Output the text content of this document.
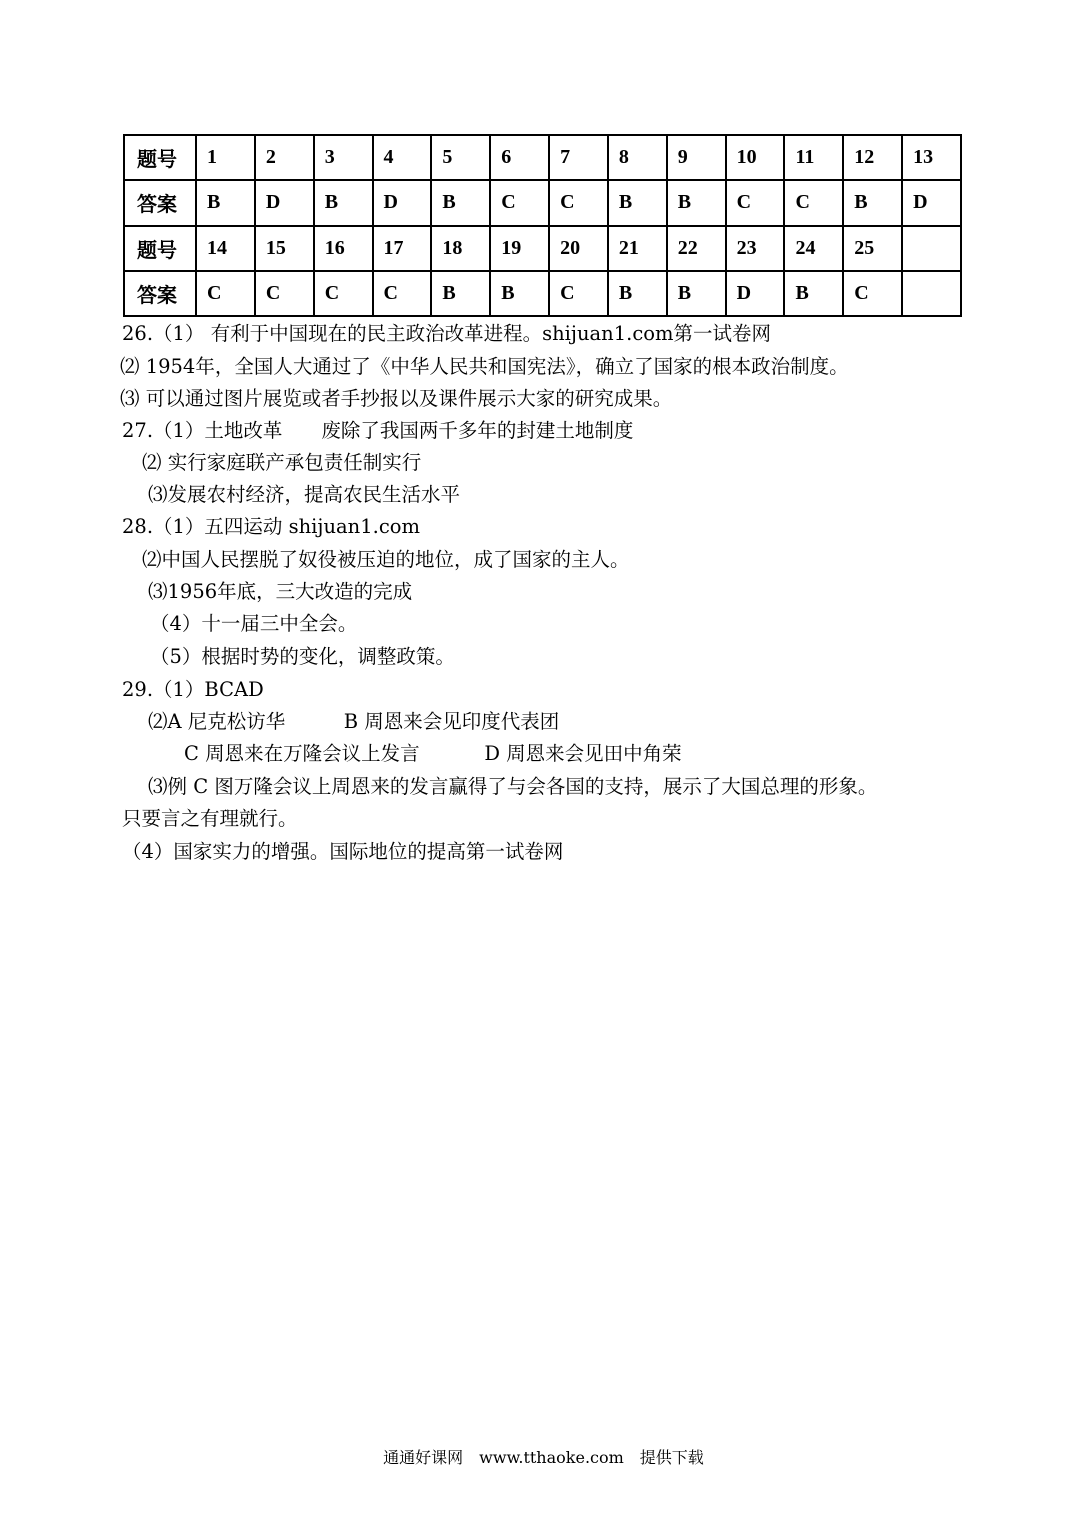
题号	1	2	3	4	5	6	7	8	9	10	11	12	13
答案	B	D	B	D	B	C	C	B	B	C	C	B	D
题号	14	15	16	17	18	19	20	21	22	23	24	25	
答案	C	C	C	C	B	B	C	B	B	D	B	C	
26.（1） 有利于中国现在的民主政治改革进程。shijuan1.com第一试卷网
⑵ 1954年，全国人大通过了《中华人民共和国宪法》，确立了国家的根本政治制度。
⑶ 可以通过图片展览或者手抄报以及课件展示大家的研究成果。
27.（1）土地改革　　废除了我国两千多年的封建土地制度
⑵ 实行家庭联产承包责任制实行
⑶发展农村经济，提高农民生活水平
28.（1）五四运动 shijuan1.com
⑵中国人民摆脱了奴役被压迫的地位，成了国家的主人。
⑶1956年底，三大改造的完成
（4）十一届三中全会。
（5）根据时势的变化，调整政策。
29.（1）BCAD
⑵A 尼克松访华　　　B 周恩来会见印度代表团
C 周恩来在万隆会议上发言　　　 D 周恩来会见田中角荣
⑶例 C 图万隆会议上周恩来的发言赢得了与会各国的支持，展示了大国总理的形象。
只要言之有理就行。
（4）国家实力的增强。国际地位的提高第一试卷网
通通好课网　www.tthaoke.com　提供下载
